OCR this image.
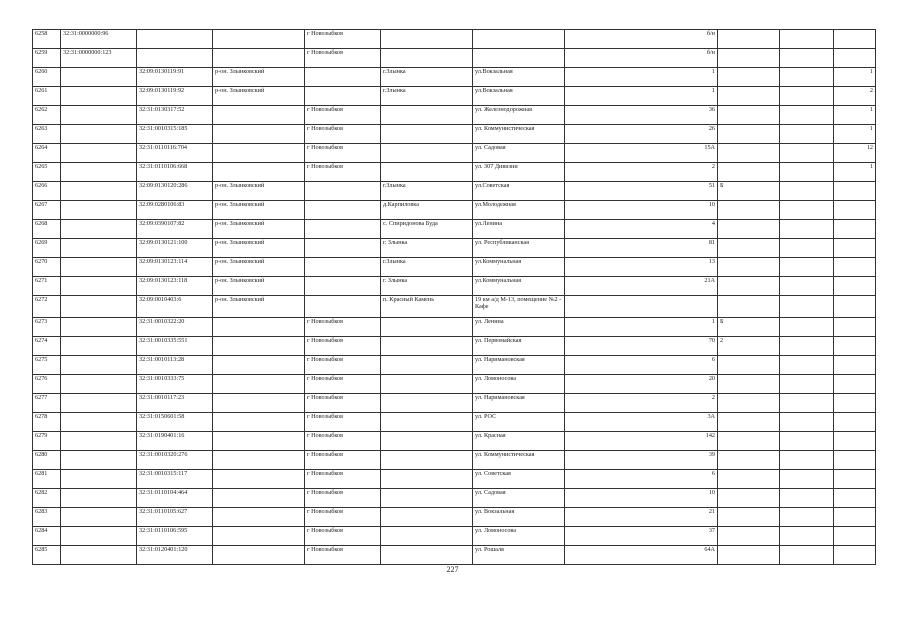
6258	32:31:0000000:96			г Новозыбков			б/н			
6259	32:31:0000000:123			г Новозыбков			б/н			
6260		32:09:0130119:91	р-он. Злынковский		г.Злынка	ул.Вокзальная	1			1
6261		32:09:0130119:92	р-он. Злынковский		г.Злынка	ул.Вокзальная	1			2
6262		32:31:0130317:52		г Новозыбков		ул. Железнодорожная	36			1
6263		32:31:0010315:185		г Новозыбков		ул. Коммунистическая	26			1
6264		32:31:0110116:704		г Новозыбков		ул. Садовая	15А			12
6265		32:31:0110106:668		г Новозыбков		ул. 307 Дивизии	2			1
6266		32:09:0130120:286	р-он. Злынковский		г.Злынка	ул.Советская	51	Б		
6267		32:09:0280106:83	р-он. Злынковский		д.Карпиловка	ул.Молодежная	10			
6268		32:09:0390107:82	р-он. Злынковский		с. Спиридонова Буда	ул.Ленина	4			
6269		32:09:0130121:100	р-он. Злынковский		г. Злынка	ул. Республиканская	81			
6270		32:09:0130123:114	р-он. Злынковский		г.Злынка	ул.Коммунальная	13			
6271		32:09:0130123:118	р-он. Злынковский		г. Злынка	ул.Коммунальная	21А			
6272		32:09:0010403:6	р-он. Злынковский		п. Красный Камень	19 км а/д М-13, помещение №2 - Кафе				
6273		32:31:0010322:20		г Новозыбков		ул. Ленина	1	Б		
6274		32:31:0010335:551		г Новозыбков		ул. Первомайская	70	2		
6275		32:31:0010113:28		г Новозыбков		ул. Наримановская	6			
6276		32:31:0010333:75		г Новозыбков		ул. Ломоносова	20			
6277		32:31:0010117:23		г Новозыбков		ул. Наримановская	2			
6278		32:31:0150601:58		г Новозыбков		ул. РОС	3А			
6279		32:31:0190401:16		г Новозыбков		ул. Красная	142			
6280		32:31:0010320:276		г Новозыбков		ул. Коммунистическая	39			
6281		32:31:0010315:117		г Новозыбков		ул. Советская	6			
6282		32:31:0110104:464		г Новозыбков		ул. Садовая	10			
6283		32:31:0110105:627		г Новозыбков		ул. Вокзальная	21			
6284		32:31:0110106:595		г Новозыбков		ул. Ломоносова	37			
6285		32:31:0120401:120		г Новозыбков		ул. Рошаля	64А			
227
